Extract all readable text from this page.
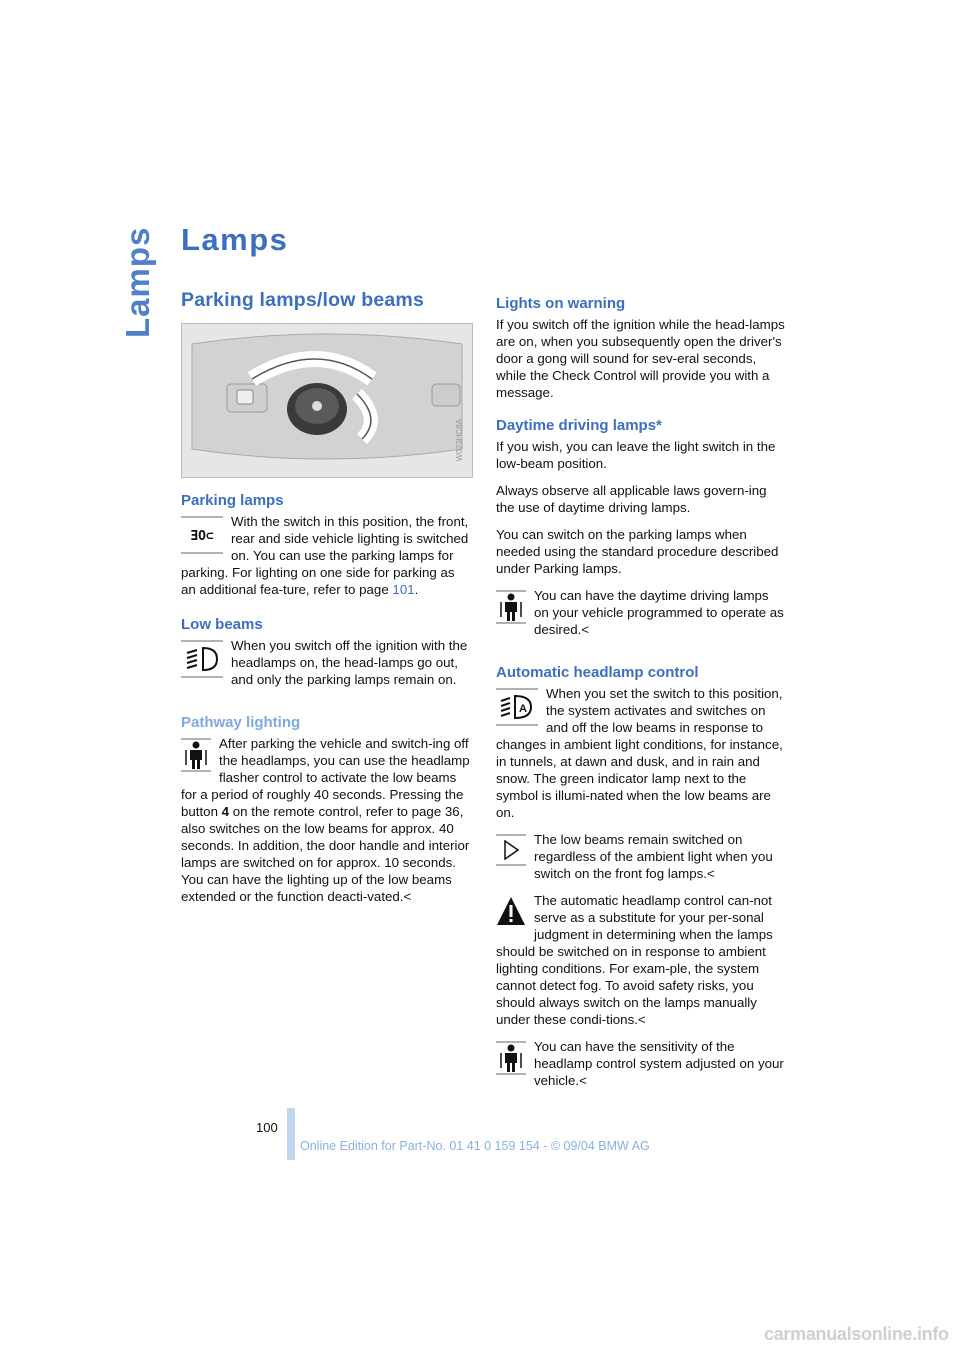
Lamps Lamps
Parking lamps/low beams
W023HC8A
Parking lamps
ƎO⊂

With the switch in this position, the front, rear and side vehicle lighting is switched on. You can use the parking lamps for parking. For lighting on one side for parking as an additional fea-ture, refer to page 101.

Low beams

When you switch off the ignition with the headlamps on, the head-lamps go out, and only the parking lamps remain on.

Pathway lighting

After parking the vehicle and switch-ing off the headlamps, you can use the headlamp flasher control to activate the low beams for a period of roughly 40 seconds. Pressing the button 4 on the remote control, refer to page 36, also switches on the low beams for approx. 40 seconds. In addition, the door handle and interior lamps are switched on for approx. 10 seconds.
You can have the lighting up of the low beams extended or the function deacti-vated.<

Lights on warning

If you switch off the ignition while the head-lamps are on, when you subsequently open the driver's door a gong will sound for sev-eral seconds, while the Check Control will provide you with a message.

Daytime driving lamps*

If you wish, you can leave the light switch in the low-beam position.

Always observe all applicable laws govern-ing the use of daytime driving lamps.

You can switch on the parking lamps when needed using the standard procedure described under Parking lamps.

You can have the daytime driving lamps on your vehicle programmed to operate as desired.<

Automatic headlamp control
A

When you set the switch to this position, the system activates and switches on and off the low beams in response to changes in ambient light conditions, for instance, in tunnels, at dawn and dusk, and in rain and snow. The green indicator lamp next to the symbol is illumi-nated when the low beams are on.

The low beams remain switched on regardless of the ambient light when you switch on the front fog lamps.<

The automatic headlamp control can-not serve as a substitute for your per-sonal judgment in determining when the lamps should be switched on in response to ambient lighting conditions. For exam-ple, the system cannot detect fog. To avoid safety risks, you should always switch on the lamps manually under these condi-tions.<

You can have the sensitivity of the headlamp control system adjusted on your vehicle.<

100
Online Edition for Part-No. 01 41 0 159 154 - © 09/04 BMW AG
carmanualsonline.info
